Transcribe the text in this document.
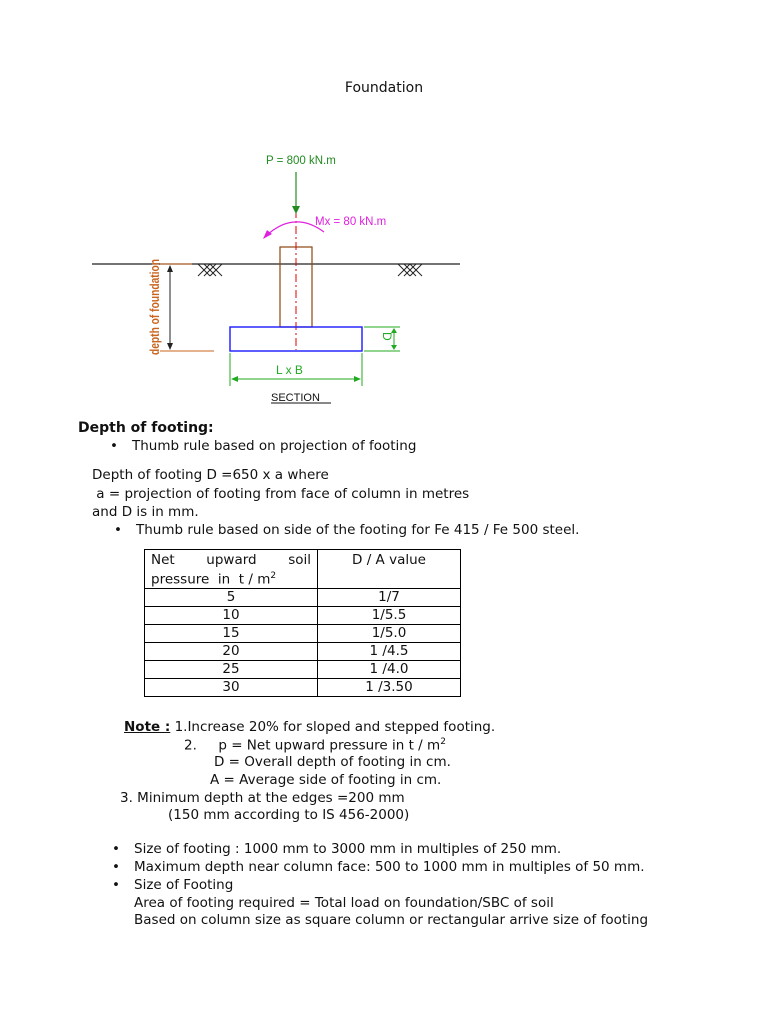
Foundation
P = 800 kN.m
Mx = 80 kN.m
depth of foundation	D
L x B
SECTION
Depth of footing:
• Thumb rule based on projection of footing
Depth of footing D =650 x a where
a = projection of footing from face of column in metres
and D is in mm.
• Thumb rule based on side of the footing for Fe 415 / Fe 500 steel.
Net     upward     soil
pressure  in  t / $m^2$	D / A value
5	1/7
10	1/5.5
15	1/5.0
20	1 /4.5
25	1 /4.0
30	1 /3.50
Note : 1.Increase 20% for sloped and stepped footing.
2.     p = Net upward pressure in t / $m^2$
D = Overall depth of footing in cm.
A = Average side of footing in cm.
3. Minimum depth at the edges =200 mm
(150 mm according to IS 456-2000)
• Size of footing : 1000 mm to 3000 mm in multiples of 250 mm.
• Maximum depth near column face: 500 to 1000 mm in multiples of 50 mm.
• Size of Footing
Area of footing required = Total load on foundation/SBC of soil
Based on column size as square column or rectangular arrive size of footing
